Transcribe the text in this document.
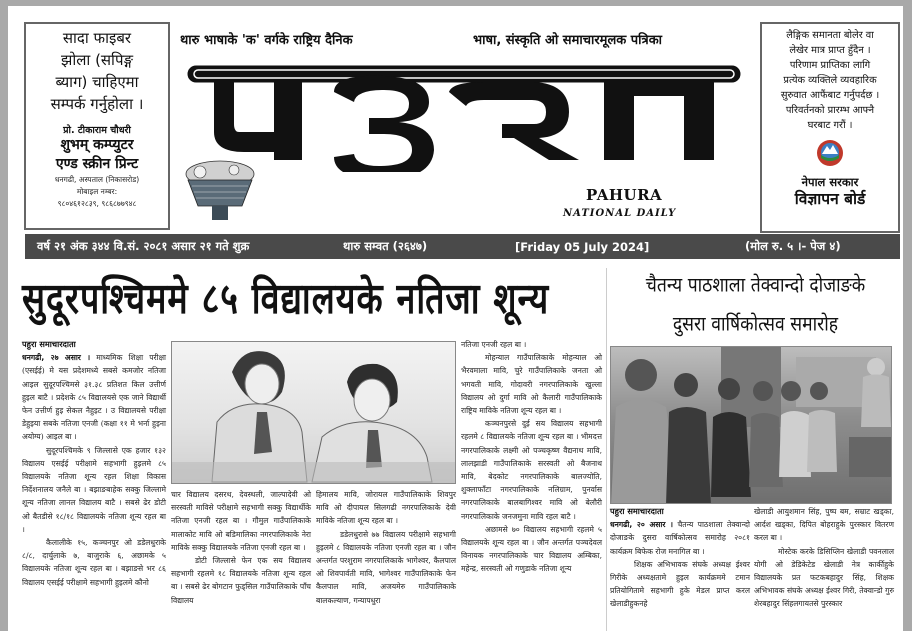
सादा फाइबर
झोला (सपिङ्ग
ब्याग) चाहिएमा
सम्पर्क गर्नुहोला ।
प्रो. टीकाराम चौधरी
शुभम् कम्प्युटर
एण्ड स्क्रीन प्रिन्ट
धनगढी, अस्पताल (निकासरोड)
मोबाइल नम्बर:
९८०४६१२८३९, ९८६८७७९४८
थारु भाषाके 'क' वर्गके राष्ट्रिय दैनिक	भाषा, संस्कृति ओ समाचारमूलक पत्रिका
PAHURA
NATIONAL DAILY
लैङ्गिक समानता बोलेर वा
लेखेर मात्र प्राप्त हुँदैन ।
परिणाम प्राप्तिका लागि
प्रत्येक व्यक्तिले व्यवहारिक
सुरुवात आफैंबाट गर्नुपर्दछ ।
परिवर्तनको प्रारम्भ आफ्नै
घरबाट गरौं ।
नेपाल सरकार
विज्ञापन बोर्ड
वर्ष २१ अंक ३४४ वि.सं. २०८१ असार २१ गते शुक्र	थारु सम्वत (२६४७)	[Friday 05 July 2024]	(मोल रु. ५ ।- पेज ४)
सुदूरपश्चिममे ८५ विद्यालयके नतिजा शून्य	चैतन्य पाठशाला तेक्वान्दो दोजाङके
दुसरा वार्षिकोत्सव समारोह

पहुरा समाचारदाता

धनगढी, २७ असार । माध्यमिक शिक्षा परीक्षा (एसईई) मे यस प्रदेशमध्ये सबसे कमजोर नतिजा आइल सुदूरपश्चिमसे ३१.३८ प्रतिशत किल उत्तीर्ण हुइल बाटै । प्रदेशके ८५ विद्यालयसे एक जाने विद्यार्थी फेन उत्तीर्ण हुइ सेकल नैहुइट । उ विद्यालयसे परीक्षा डेहुइया सबके नतिजा एनजी (कक्षा ११ मे भर्ना हुइना अयोग्य) आइल बा ।

सुदूरपश्चिमके ९ जिल्लासे एक हजार १३२ विद्यालय एसईई परीक्षामे सहभागी हुइलमे ८५ विद्यालयके नतिजा शून्य रहल शिक्षा विकास निर्देशनालय जनैले बा । बझाङबाहेक सक्कु जिल्लामे शून्य नतिजा लानल विद्यालय बाटै । सबसे ढेर डोटी ओ बैतडीसे १८/१८ विद्यालयके नतिजा शून्य रहल बा ।

कैलालीके १५, कञ्चनपुर ओ डडेलधुराके ८/८, दार्चुलाके ७, बाजुराके ६, अछामके ५ विद्यालयके नतिजा शून्य रहल बा । बझाङसे भर ८६ विद्यालय एसईई परीक्षामे सहभागी हुइलमे कौनो

चार विद्यालय दसरथ, देवस्थली, जाल्पादेवी ओ सरस्वती माविसे परीक्षामे सहभागी सक्कु विद्यार्थीके नतिजा एनजी रहल बा । गौमुल गाउँपालिकाके मालाकोट मावि ओ बडिमालिका नगरपालिकाके नेरा माविके सक्कु विद्यालयके नतिजा एनजी रहल बा ।

डोटी जिल्लासे फेन एक सय विद्यालय सहभागी रहलमे १८ विद्यालयके नतिजा शून्य रहल बा । सबसे ढेर बोगटान फुड्सिल गाउँपालिकाके पाँच विद्यालय

हिमालय मावि, जोरायल गाउँपालिकाके शिवपुर मावि ओ दीपायल सिलगढी नगरपालिकाके देवी माविके नतिजा शून्य रहल बा ।

डडेलधुरासे ७७ विद्यालय परीक्षामे सहभागी हुइलमे ८ विद्यालयके नतिजा एनजी रहल बा । जौन अन्तर्गत परशुराम नगरपालिकाके भागेश्वर, कैलपाल ओ शिवपार्वती मावि, भागेश्वर गाउँपालिकाके फेन कैलपाल मावि, अजयमेरु गाउँपालिकाके बालकल्याण, गन्यापधुरा

नतिजा एनजी रहल बा ।

मोहन्याल गाउँपालिकाके मोहन्याल ओ भैरवमाला मावि, चुरे गाउँपालिकाके जनता ओ भगवती मावि, गोदावरी नगरपालिकाके खुल्ला विद्यालय ओ दुर्गा मावि ओ कैलारी गाउँपालिकाके राष्ट्रिय माविके नतिजा शून्य रहल बा ।

कञ्चनपुरसे दुई सय विद्यालय सहभागी रहलमे ८ विद्यालयके नतिजा शून्य रहल बा । भीमदत्त नगरपालिकाके लक्ष्मी ओ पञ्चकृष्ण वैद्यनाथ मावि, लालझाडी गाउँपालिकाके सरस्वती ओ बैजनाथ मावि, बेदकोट नगरपालिकाके बालज्योति, शुक्लाफाँटा नगरपालिकाके नलिग्राम, पुनर्वास नगरपालिकाके बालबागिश्वर मावि ओ बेलौरी नगरपालिकाके जनजमुना मावि रहल बाटै ।

अछामसे ७० विद्यालय सहभागी रहलमे ५ विद्यालयके शून्य रहल बा । जौन अन्तर्गत पञ्चदेवल विनायक नगरपालिकाके चार विद्यालय अम्बिका, महेन्द्र, सरस्वती ओ गणुडाके नतिजा शून्य

पहुरा समाचारदाता

धनगढी, २० असार । चैतन्य पाठशाला तेक्वान्दो दोजाङके दुसरा वार्षिकोत्सव समारोह २०८१ कार्यक्रम बिफेक रोज मनागिल बा ।

शिक्षक अभिभावक संघके अध्यक्ष ईश्वर गिरीके अध्यक्षतामे हुइल कार्यक्रममे टमान प्रतियोगितामे सहभागी हुके मेडल प्राप्त करल खेलाडीहुकनहे

खेलाडी आयुशमान सिंह, पुष्प बम, सम्राट खड्का, आर्दश खड्का, दिपित बोहराहुके पुरस्कार वितरण करल बा ।

मोस्टेक करके डिसिप्लिन खेलाडी पवनलाल योगी ओ डेडिकेटेड खेलाडी नेत्र कार्कीहुके विद्यालयके प्रत फटकबहादुर सिंह, शिक्षक अभिभावक संघके अध्यक्ष ईश्वर गिरी, तेक्वान्डो गुरु शेरबहादुर सिंहलगायतसे पुरस्कार
